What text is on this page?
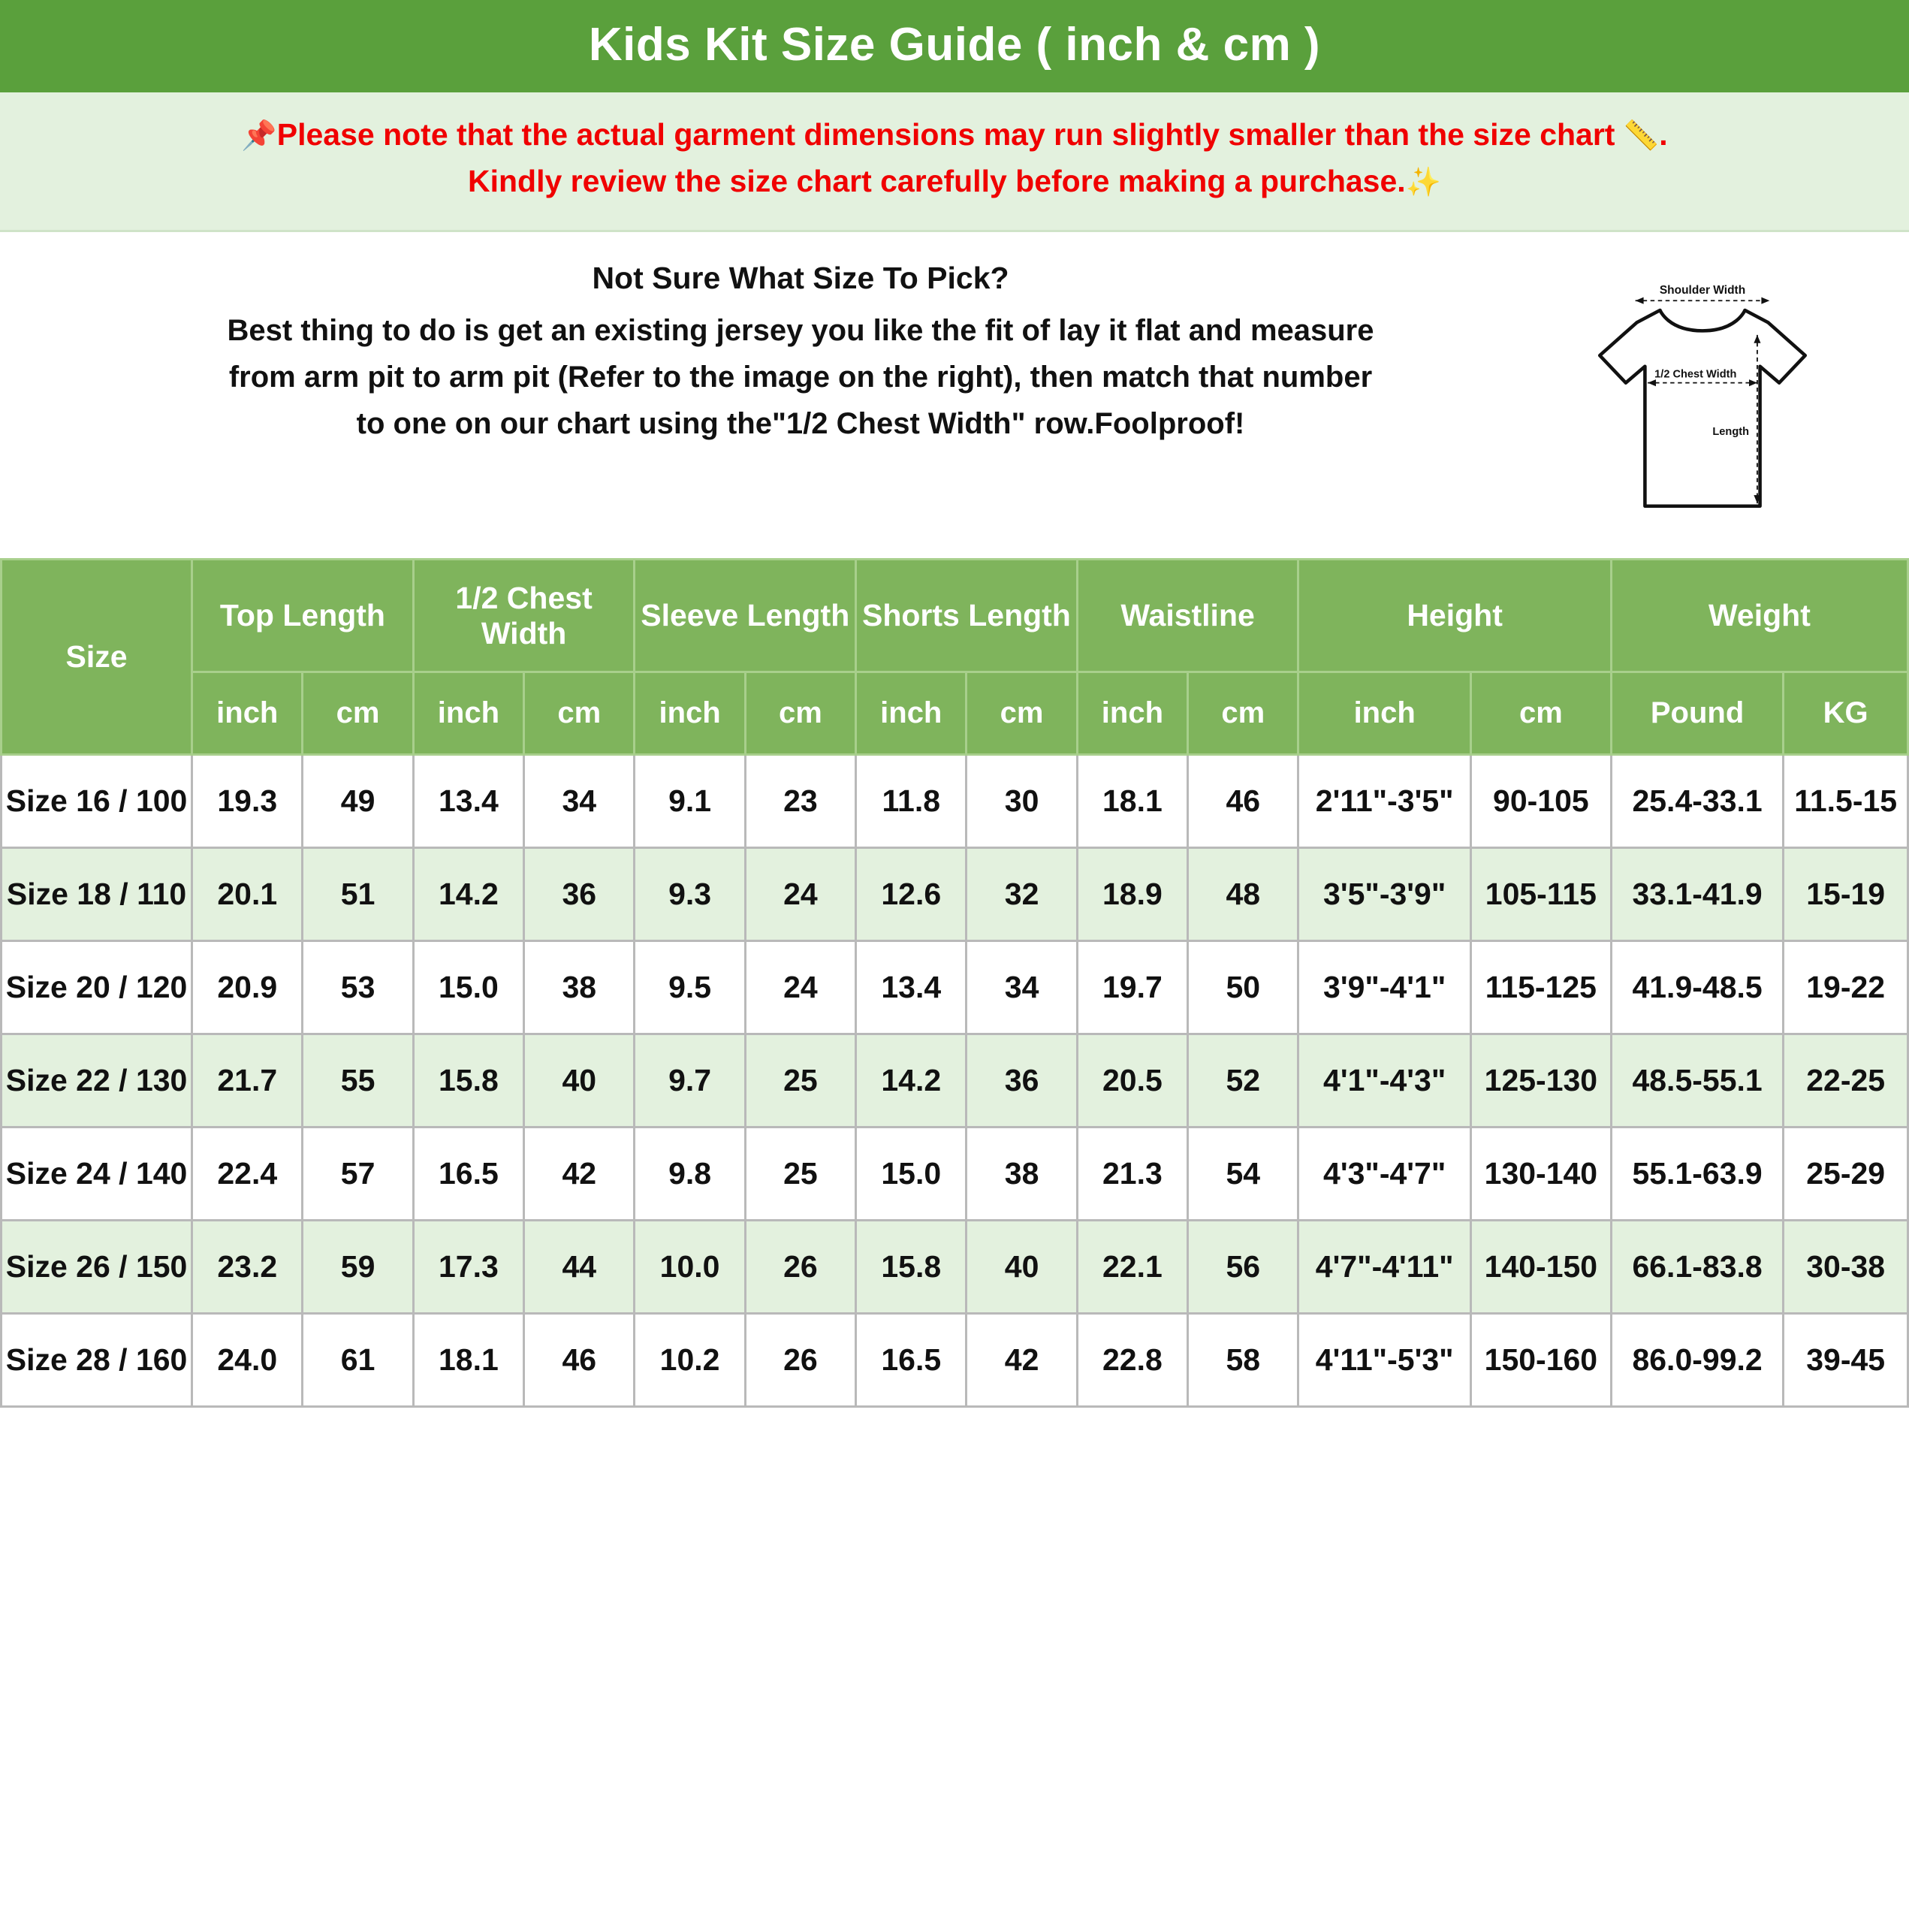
Kids Kit Size Guide ( inch & cm )
📌Please note that the actual garment dimensions may run slightly smaller than the size chart 📏.
Kindly review the size chart carefully before making a purchase.✨
Not Sure What Size To Pick?
Best thing to do is get an existing jersey you like the fit of lay it flat and measure
from arm pit to arm pit (Refer to the image on the right), then match that number
to one on our chart using the"1/2 Chest Width" row.Foolproof!
Shoulder Width
1/2 Chest Width
Length
Size	Top Length		1/2 Chest Width		Sleeve Length		Shorts Length		Waistline		Height		Weight	
	inch	cm	inch	cm	inch	cm	inch	cm	inch	cm	inch	cm	Pound	KG
Size 16 / 100	19.3	49	13.4	34	9.1	23	11.8	30	18.1	46	2'11"-3'5"	90-105	25.4-33.1	11.5-15
Size 18 / 110	20.1	51	14.2	36	9.3	24	12.6	32	18.9	48	3'5"-3'9"	105-115	33.1-41.9	15-19
Size 20 / 120	20.9	53	15.0	38	9.5	24	13.4	34	19.7	50	3'9"-4'1"	115-125	41.9-48.5	19-22
Size 22 / 130	21.7	55	15.8	40	9.7	25	14.2	36	20.5	52	4'1"-4'3"	125-130	48.5-55.1	22-25
Size 24 / 140	22.4	57	16.5	42	9.8	25	15.0	38	21.3	54	4'3"-4'7"	130-140	55.1-63.9	25-29
Size 26 / 150	23.2	59	17.3	44	10.0	26	15.8	40	22.1	56	4'7"-4'11"	140-150	66.1-83.8	30-38
Size 28 / 160	24.0	61	18.1	46	10.2	26	16.5	42	22.8	58	4'11"-5'3"	150-160	86.0-99.2	39-45
